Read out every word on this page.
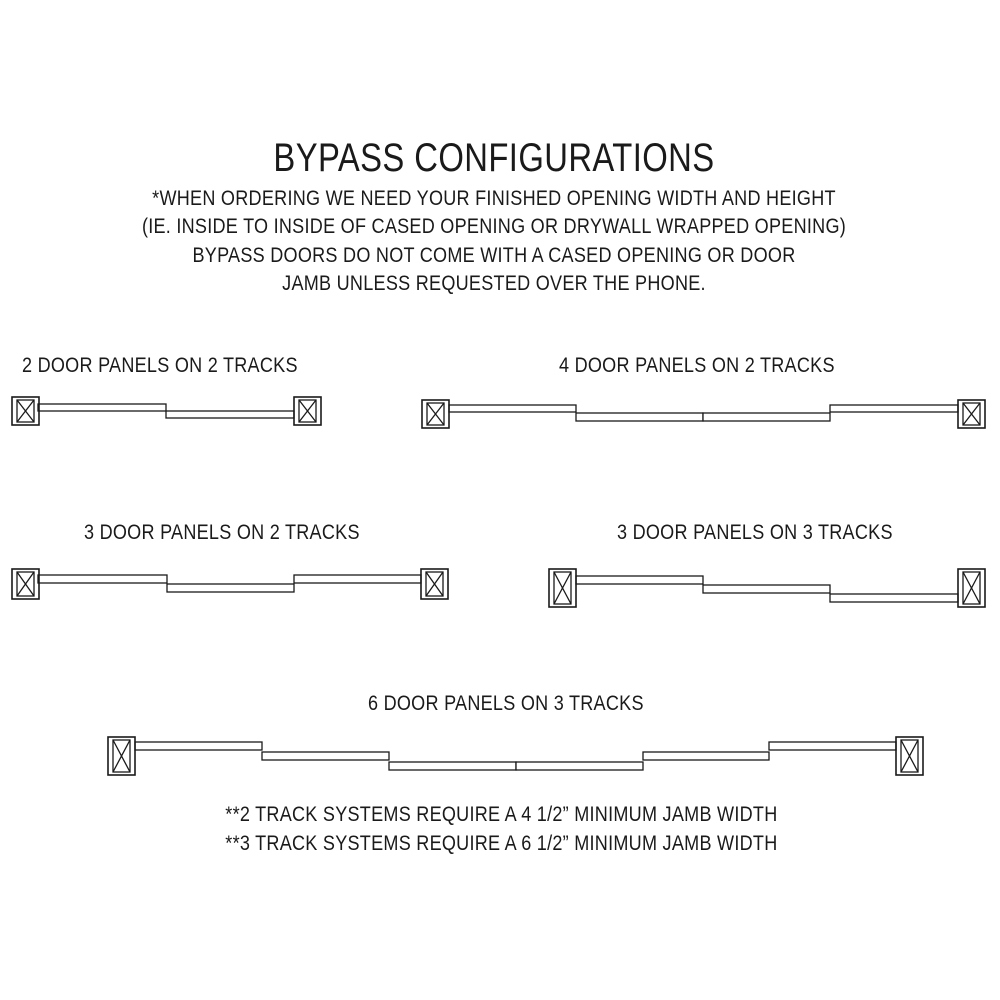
BYPASS CONFIGURATIONS
*WHEN ORDERING WE NEED YOUR FINISHED OPENING WIDTH AND HEIGHT
(IE. INSIDE TO INSIDE OF CASED OPENING OR DRYWALL WRAPPED OPENING)
BYPASS DOORS DO NOT COME WITH A CASED OPENING OR DOOR
JAMB UNLESS REQUESTED OVER THE PHONE.
2 DOOR PANELS ON 2 TRACKS	4 DOOR PANELS ON 2 TRACKS
3 DOOR PANELS ON 2 TRACKS	3 DOOR PANELS ON 3 TRACKS
6 DOOR PANELS ON 3 TRACKS
**2 TRACK SYSTEMS REQUIRE A 4 1/2” MINIMUM JAMB WIDTH
**3 TRACK SYSTEMS REQUIRE A 6 1/2” MINIMUM JAMB WIDTH
